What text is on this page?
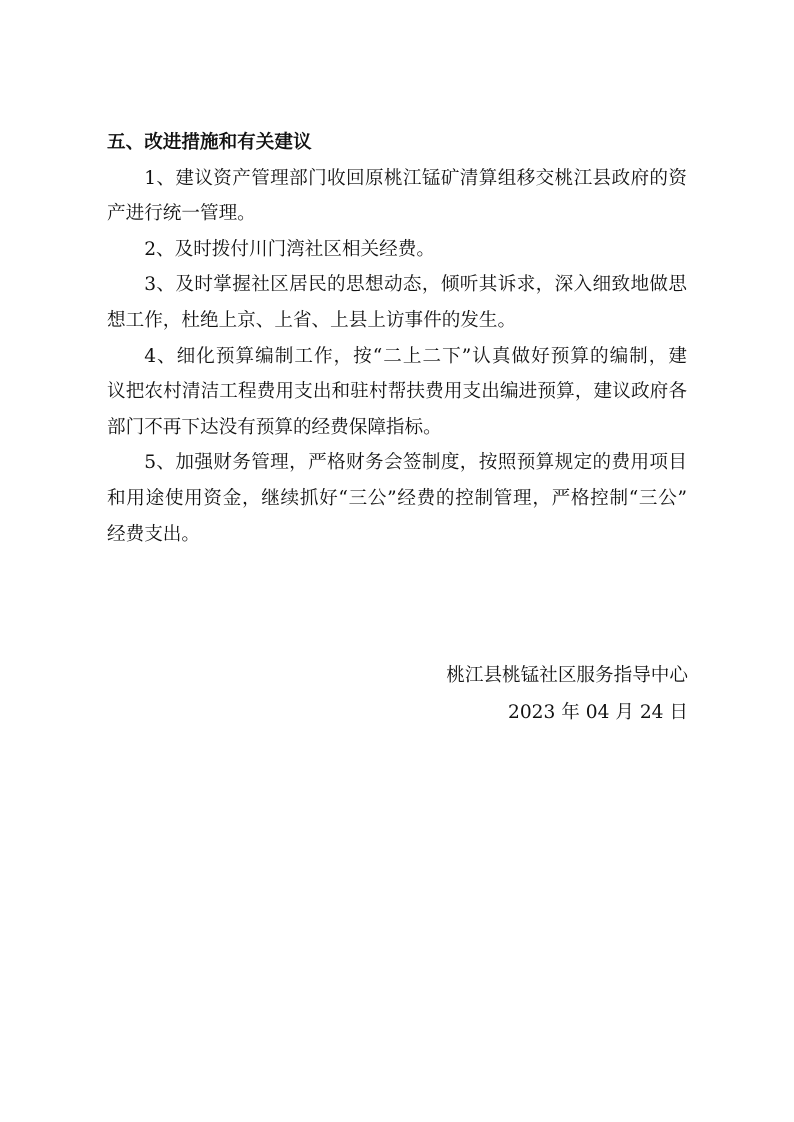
五、改进措施和有关建议
1、建议资产管理部门收回原桃江锰矿清算组移交桃江县政府的资
产进行统一管理。
2、及时拨付川门湾社区相关经费。
3、及时掌握社区居民的思想动态，倾听其诉求，深入细致地做思
想工作，杜绝上京、上省、上县上访事件的发生。
4、细化预算编制工作，按“二上二下”认真做好预算的编制，建
议把农村清洁工程费用支出和驻村帮扶费用支出编进预算，建议政府各
部门不再下达没有预算的经费保障指标。
5、加强财务管理，严格财务会签制度，按照预算规定的费用项目
和用途使用资金，继续抓好“三公”经费的控制管理，严格控制“三公”
经费支出。
桃江县桃锰社区服务指导中心
2023 年 04 月 24 日
